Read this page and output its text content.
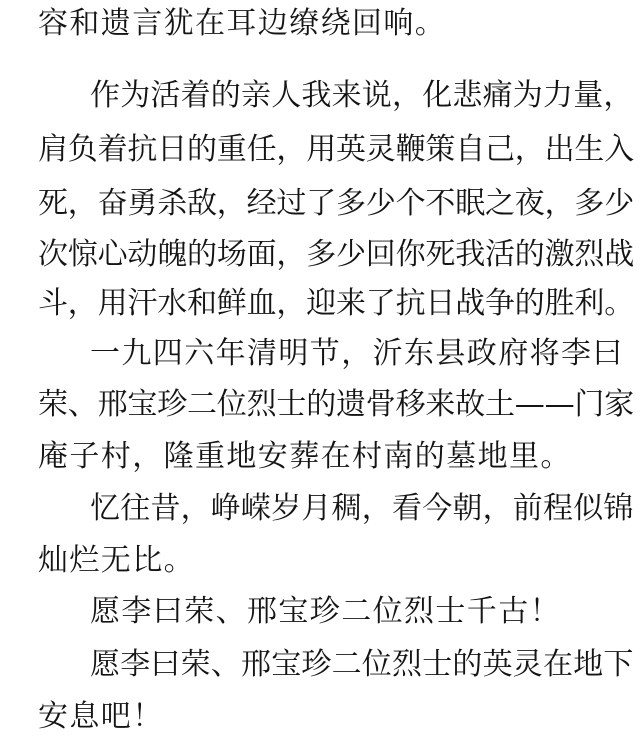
容和遗言犹在耳边缭绕回响。

作为活着的亲人我来说，化悲痛为力量，

肩负着抗日的重任，用英灵鞭策自己，出生入

死，奋勇杀敌，经过了多少个不眠之夜，多少

次惊心动魄的场面，多少回你死我活的激烈战

斗，用汗水和鲜血，迎来了抗日战争的胜利。

一九四六年清明节，沂东县政府将李曰

荣、邢宝珍二位烈士的遗骨移来故土——门家

庵子村，隆重地安葬在村南的墓地里。

忆往昔，峥嵘岁月稠，看今朝，前程似锦

灿烂无比。

愿李曰荣、邢宝珍二位烈士千古！

愿李曰荣、邢宝珍二位烈士的英灵在地下

安息吧！
